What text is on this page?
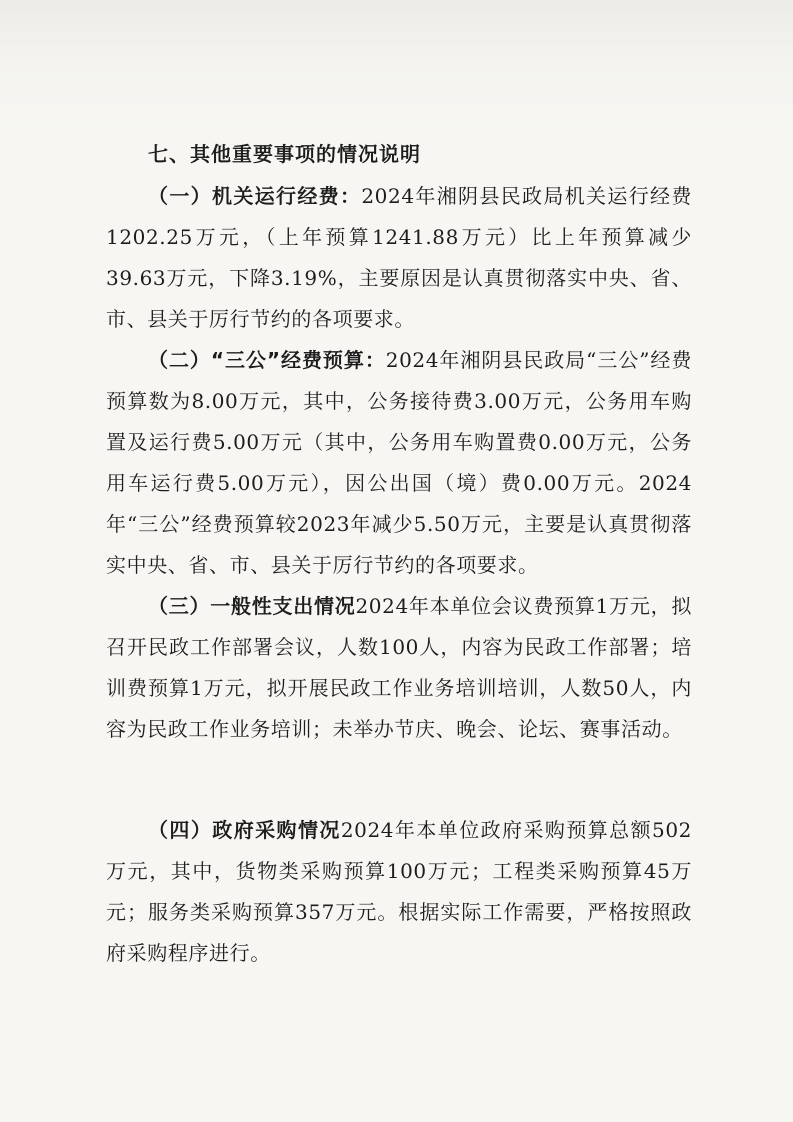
七、其他重要事项的情况说明

（一）机关运行经费：2024年湘阴县民政局机关运行经费1202.25万元，（上年预算1241.88万元）比上年预算减少39.63万元，下降3.19%，主要原因是认真贯彻落实中央、省、市、县关于厉行节约的各项要求。

（二）“三公”经费预算：2024年湘阴县民政局“三公”经费预算数为8.00万元，其中，公务接待费3.00万元，公务用车购置及运行费5.00万元（其中，公务用车购置费0.00万元，公务用车运行费5.00万元），因公出国（境）费0.00万元。2024年“三公”经费预算较2023年减少5.50万元，主要是认真贯彻落实中央、省、市、县关于厉行节约的各项要求。

（三）一般性支出情况2024年本单位会议费预算1万元，拟召开民政工作部署会议，人数100人，内容为民政工作部署；培训费预算1万元，拟开展民政工作业务培训培训，人数50人，内容为民政工作业务培训；未举办节庆、晚会、论坛、赛事活动。

（四）政府采购情况2024年本单位政府采购预算总额502万元，其中，货物类采购预算100万元；工程类采购预算45万元；服务类采购预算357万元。根据实际工作需要，严格按照政府采购程序进行。
